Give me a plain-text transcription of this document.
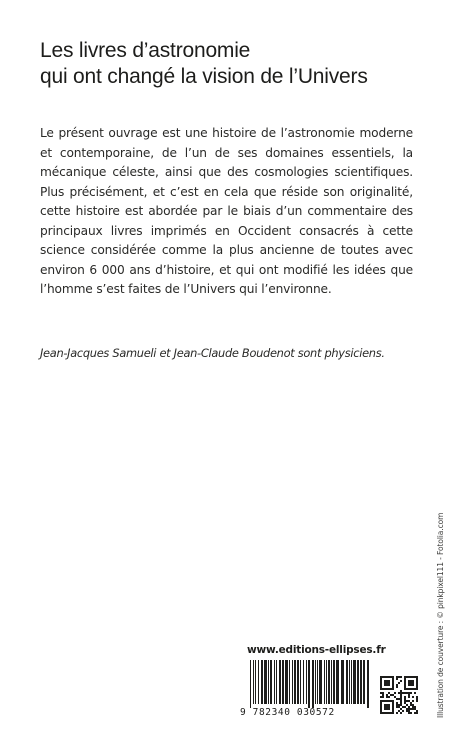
Les livres d’astronomie
qui ont changé la vision de l’Univers

Le présent ouvrage est une histoire de l’astronomie moderne et contemporaine, de l’un de ses domaines essentiels, la mécanique céleste, ainsi que des cosmologies scientifiques. Plus précisément, et c’est en cela que réside son originalité, cette histoire est abordée par le biais d’un commentaire des principaux livres imprimés en Occident consacrés à cette science considérée comme la plus ancienne de toutes avec environ 6 000 ans d’histoire, et qui ont modifié les idées que l’homme s’est faites de l’Univers qui l’environne.

Jean-Jacques Samueli et Jean-Claude Boudenot sont physiciens.

Illustration de couverture : © pinkpixel111 - Fotolia.com
www.editions-ellipses.fr
9 782340 030572
